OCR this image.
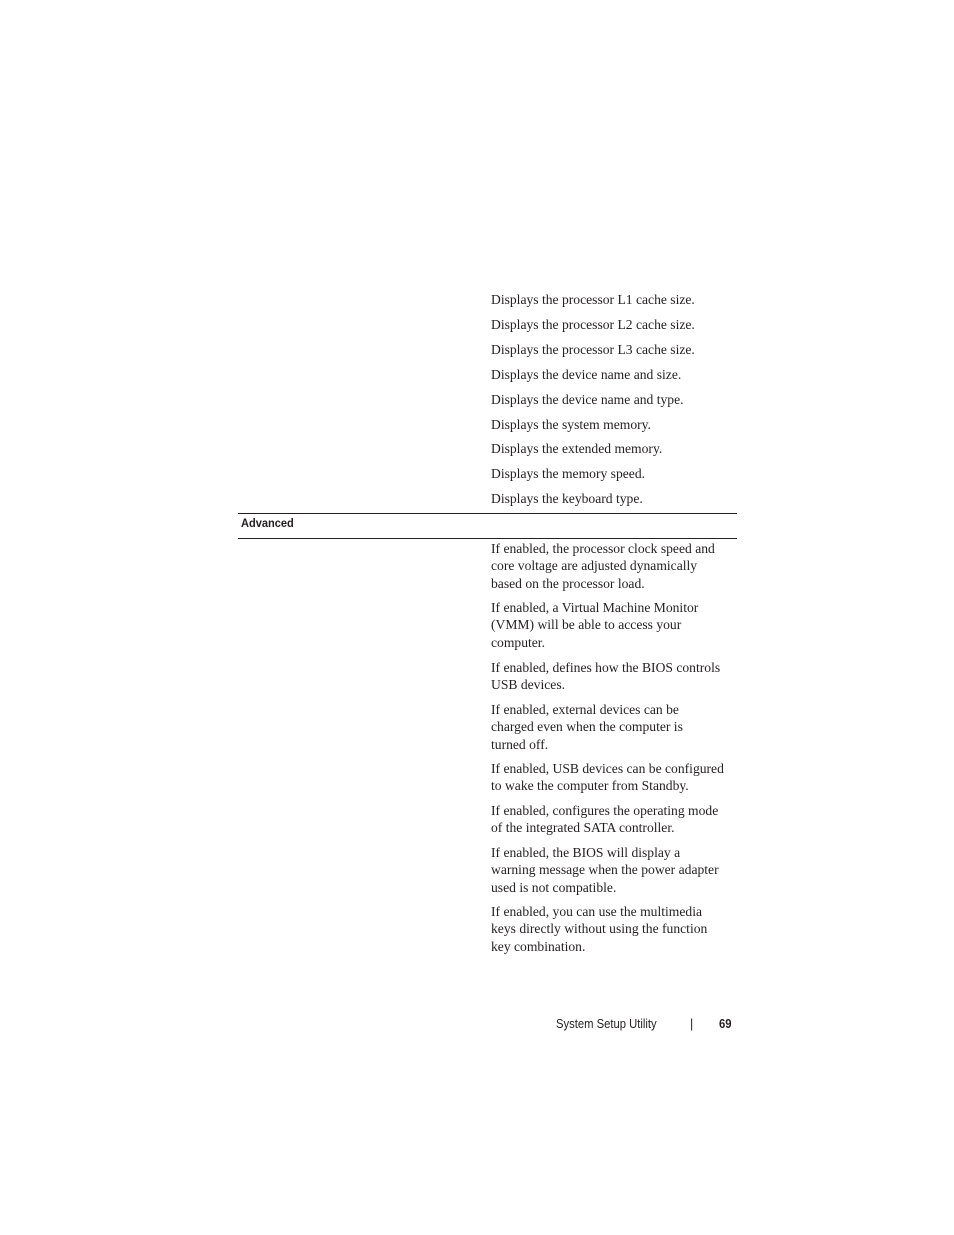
Displays the processor L1 cache size.
Displays the processor L2 cache size.
Displays the processor L3 cache size.
Displays the device name and size.
Displays the device name and type.
Displays the system memory.
Displays the extended memory.
Displays the memory speed.
Displays the keyboard type.
Advanced
If enabled, the processor clock speed and
core voltage are adjusted dynamically
based on the processor load.
If enabled, a Virtual Machine Monitor
(VMM) will be able to access your
computer.
If enabled, defines how the BIOS controls
USB devices.
If enabled, external devices can be
charged even when the computer is
turned off.
If enabled, USB devices can be configured
to wake the computer from Standby.
If enabled, configures the operating mode
of the integrated SATA controller.
If enabled, the BIOS will display a
warning message when the power adapter
used is not compatible.
If enabled, you can use the multimedia
keys directly without using the function
key combination.
System Setup Utility	| 69
